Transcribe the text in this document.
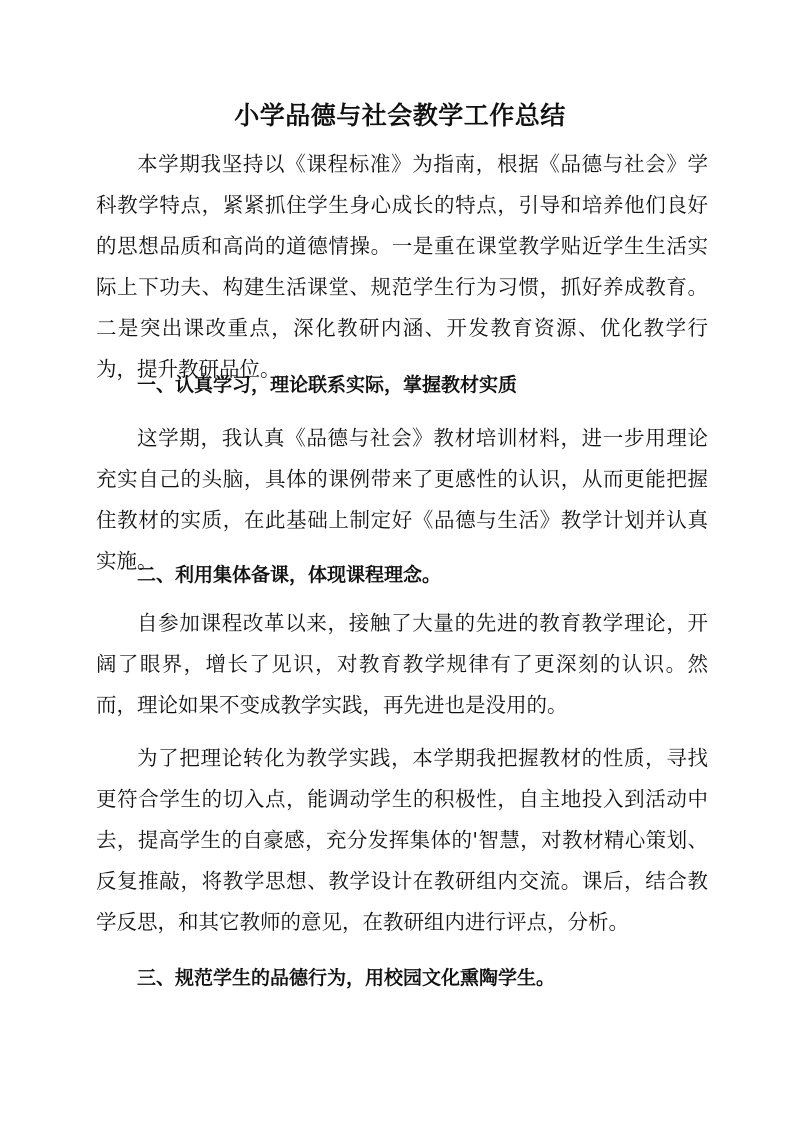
小学品德与社会教学工作总结

本学期我坚持以《课程标准》为指南，根据《品德与社会》学科教学特点，紧紧抓住学生身心成长的特点，引导和培养他们良好的思想品质和高尚的道德情操。一是重在课堂教学贴近学生生活实际上下功夫、构建生活课堂、规范学生行为习惯，抓好养成教育。二是突出课改重点，深化教研内涵、开发教育资源、优化教学行为，提升教研品位。

一、认真学习，理论联系实际，掌握教材实质

这学期，我认真《品德与社会》教材培训材料，进一步用理论充实自己的头脑，具体的课例带来了更感性的认识，从而更能把握住教材的实质，在此基础上制定好《品德与生活》教学计划并认真实施。

二、利用集体备课，体现课程理念。

自参加课程改革以来，接触了大量的先进的教育教学理论，开阔了眼界，增长了见识，对教育教学规律有了更深刻的认识。然而，理论如果不变成教学实践，再先进也是没用的。

为了把理论转化为教学实践，本学期我把握教材的性质，寻找更符合学生的切入点，能调动学生的积极性，自主地投入到活动中去，提高学生的自豪感，充分发挥集体的'智慧，对教材精心策划、反复推敲，将教学思想、教学设计在教研组内交流。课后，结合教学反思，和其它教师的意见，在教研组内进行评点，分析。

三、规范学生的品德行为，用校园文化熏陶学生。
